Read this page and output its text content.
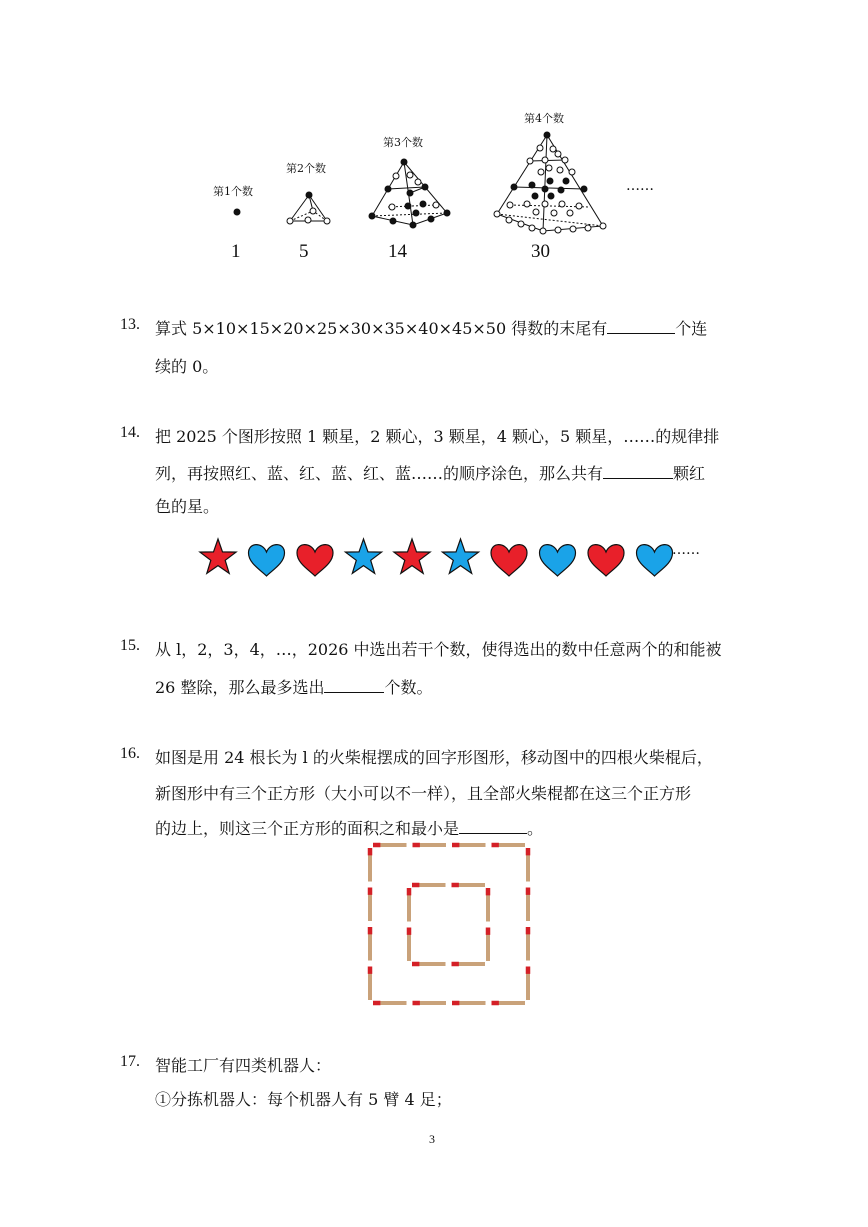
第1个数
第2个数
第3个数
第4个数
……
1	5	14	30
13. 算式 5×10×15×20×25×30×35×40×45×50 得数的末尾有	个连
续的 0。
14. 把 2025 个图形按照 1 颗星，2 颗心，3 颗星，4 颗心，5 颗星，……的规律排
列，再按照红、蓝、红、蓝、红、蓝……的顺序涂色，那么共有	颗红
色的星。
……
15. 从 l，2，3，4，…，2026 中选出若干个数，使得选出的数中任意两个的和能被
26 整除，那么最多选出	个数。
16. 如图是用 24 根长为 l 的火柴棍摆成的回字形图形，移动图中的四根火柴棍后，
新图形中有三个正方形（大小可以不一样），且全部火柴棍都在这三个正方形
的边上，则这三个正方形的面积之和最小是	。
17. 智能工厂有四类机器人：
①分拣机器人：每个机器人有 5 臂 4 足；
3
